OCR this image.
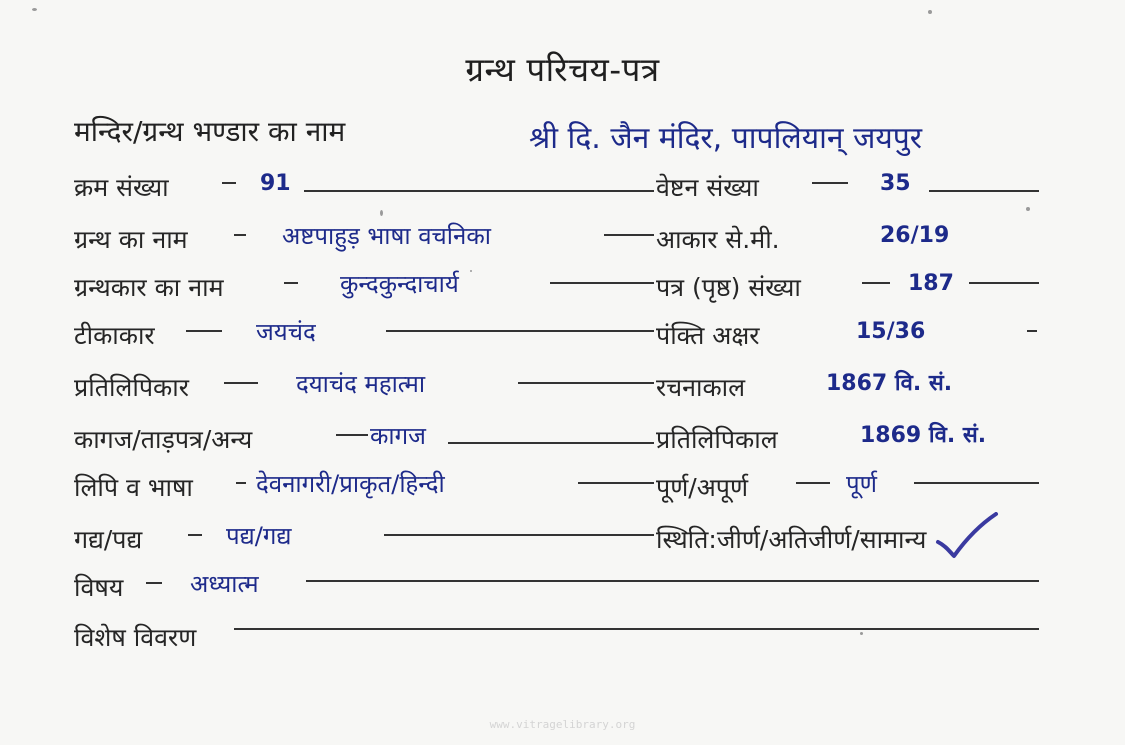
ग्रन्थ परिचय-पत्र
मन्दिर/ग्रन्थ भण्डार का नाम	श्री दि. जैन मंदिर, पापलियान् जयपुर
क्रम संख्या	91	वेष्टन संख्या	35
ग्रन्थ का नाम	अष्टपाहुड़ भाषा वचनिका	आकार से.मी.	26/19
ग्रन्थकार का नाम	कुन्दकुन्दाचार्य	पत्र (पृष्ठ) संख्या	187
टीकाकार	जयचंद	पंक्ति अक्षर	15/36
प्रतिलिपिकार	दयाचंद महात्मा	रचनाकाल	1867 वि. सं.
कागज/ताड़पत्र/अन्य	कागज	प्रतिलिपिकाल	1869 वि. सं.
लिपि व भाषा	देवनागरी/प्राकृत/हिन्दी	पूर्ण/अपूर्ण	पूर्ण
गद्य/पद्य	पद्य/गद्य	स्थिति:जीर्ण/अतिजीर्ण/सामान्य
विषय	अध्यात्म
विशेष विवरण
www.vitragelibrary.org
